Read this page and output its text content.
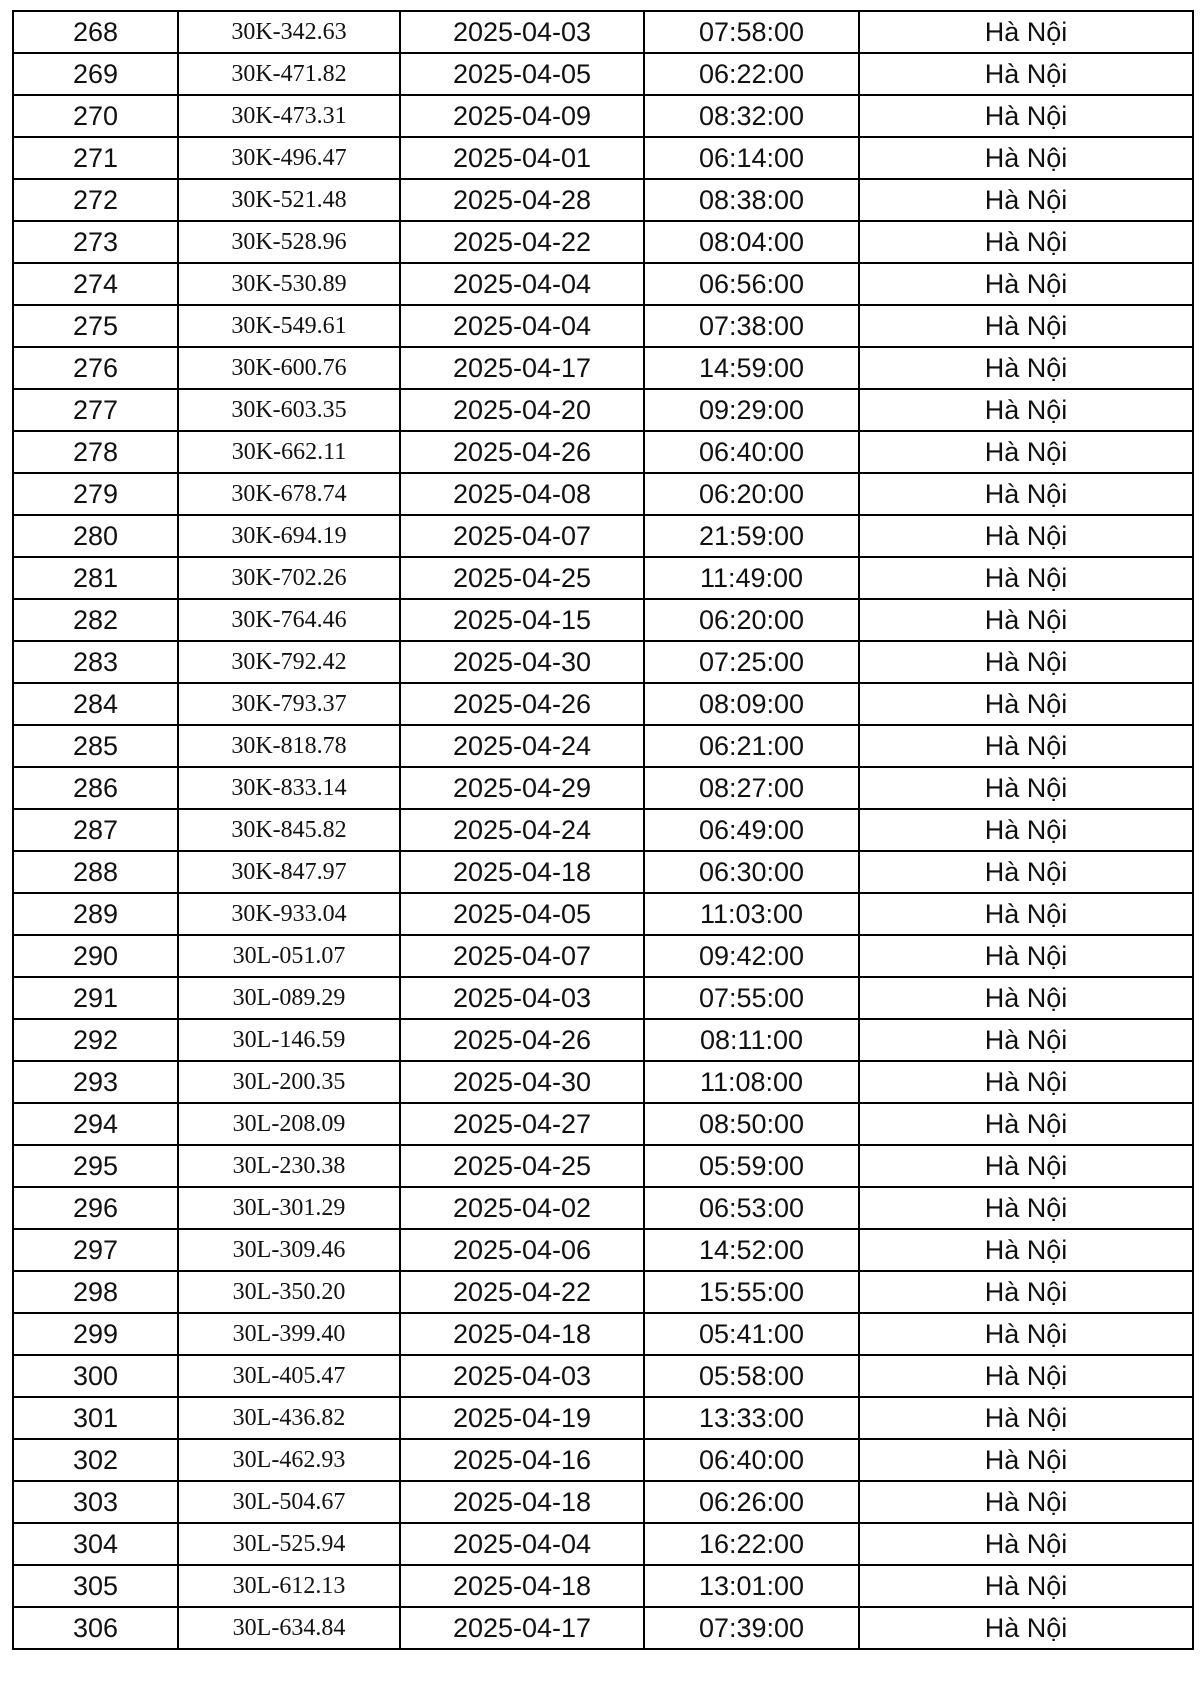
268	30K-342.63	2025-04-03	07:58:00	Hà Nội
269	30K-471.82	2025-04-05	06:22:00	Hà Nội
270	30K-473.31	2025-04-09	08:32:00	Hà Nội
271	30K-496.47	2025-04-01	06:14:00	Hà Nội
272	30K-521.48	2025-04-28	08:38:00	Hà Nội
273	30K-528.96	2025-04-22	08:04:00	Hà Nội
274	30K-530.89	2025-04-04	06:56:00	Hà Nội
275	30K-549.61	2025-04-04	07:38:00	Hà Nội
276	30K-600.76	2025-04-17	14:59:00	Hà Nội
277	30K-603.35	2025-04-20	09:29:00	Hà Nội
278	30K-662.11	2025-04-26	06:40:00	Hà Nội
279	30K-678.74	2025-04-08	06:20:00	Hà Nội
280	30K-694.19	2025-04-07	21:59:00	Hà Nội
281	30K-702.26	2025-04-25	11:49:00	Hà Nội
282	30K-764.46	2025-04-15	06:20:00	Hà Nội
283	30K-792.42	2025-04-30	07:25:00	Hà Nội
284	30K-793.37	2025-04-26	08:09:00	Hà Nội
285	30K-818.78	2025-04-24	06:21:00	Hà Nội
286	30K-833.14	2025-04-29	08:27:00	Hà Nội
287	30K-845.82	2025-04-24	06:49:00	Hà Nội
288	30K-847.97	2025-04-18	06:30:00	Hà Nội
289	30K-933.04	2025-04-05	11:03:00	Hà Nội
290	30L-051.07	2025-04-07	09:42:00	Hà Nội
291	30L-089.29	2025-04-03	07:55:00	Hà Nội
292	30L-146.59	2025-04-26	08:11:00	Hà Nội
293	30L-200.35	2025-04-30	11:08:00	Hà Nội
294	30L-208.09	2025-04-27	08:50:00	Hà Nội
295	30L-230.38	2025-04-25	05:59:00	Hà Nội
296	30L-301.29	2025-04-02	06:53:00	Hà Nội
297	30L-309.46	2025-04-06	14:52:00	Hà Nội
298	30L-350.20	2025-04-22	15:55:00	Hà Nội
299	30L-399.40	2025-04-18	05:41:00	Hà Nội
300	30L-405.47	2025-04-03	05:58:00	Hà Nội
301	30L-436.82	2025-04-19	13:33:00	Hà Nội
302	30L-462.93	2025-04-16	06:40:00	Hà Nội
303	30L-504.67	2025-04-18	06:26:00	Hà Nội
304	30L-525.94	2025-04-04	16:22:00	Hà Nội
305	30L-612.13	2025-04-18	13:01:00	Hà Nội
306	30L-634.84	2025-04-17	07:39:00	Hà Nội
